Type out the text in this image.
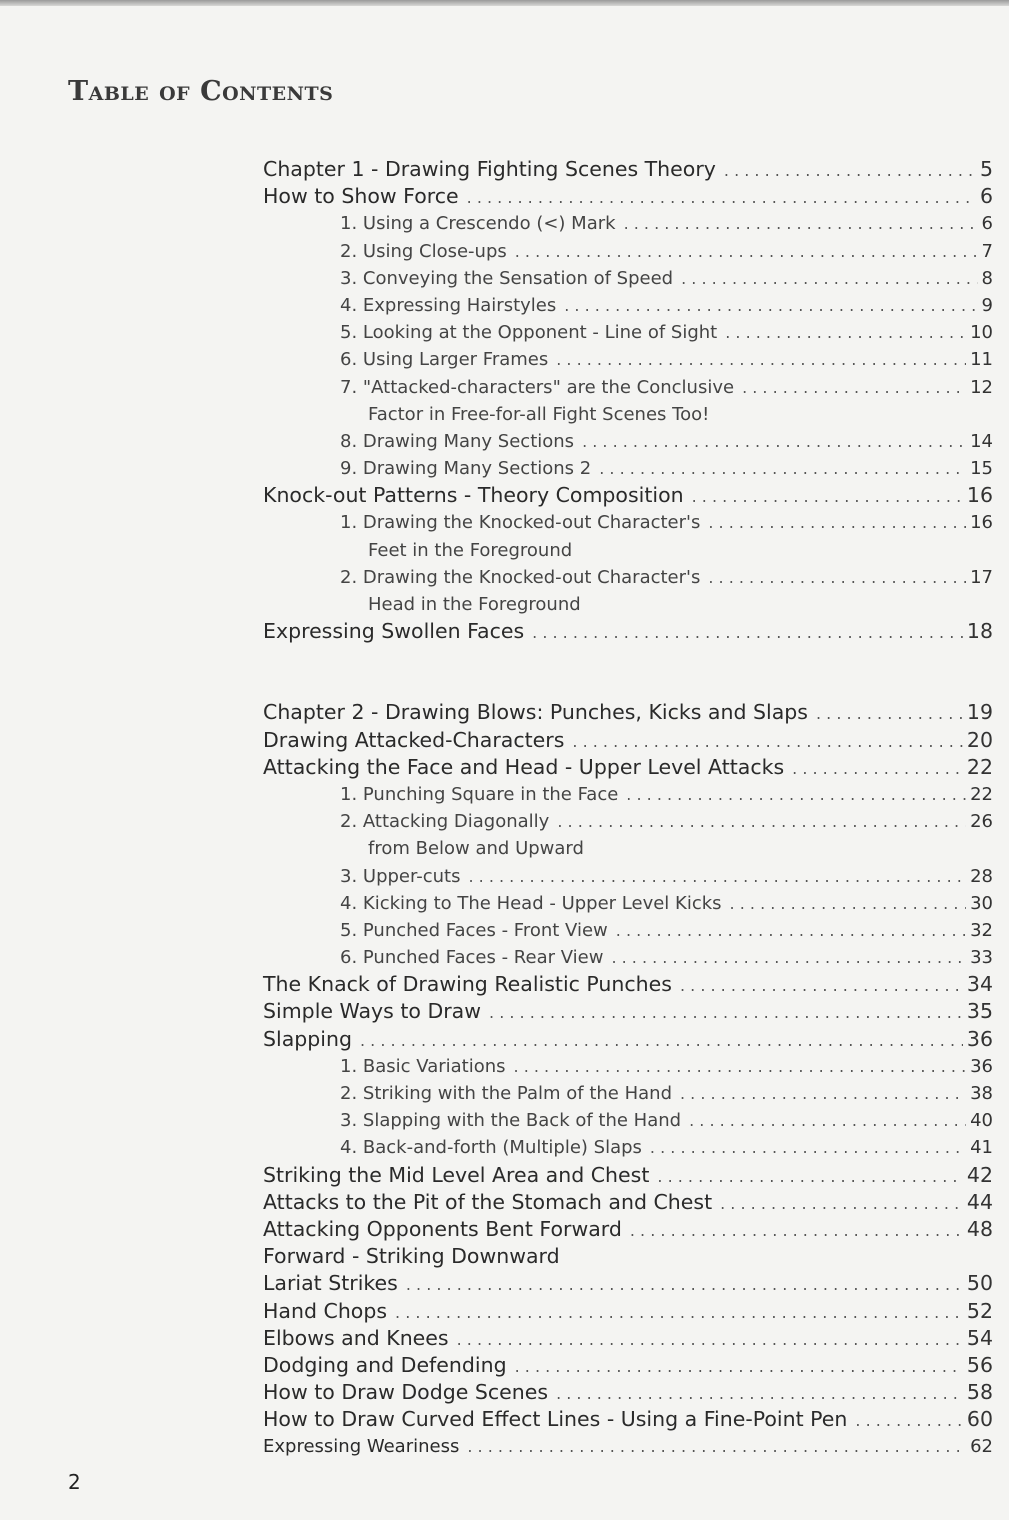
Table of Contents
Chapter 1 - Drawing Fighting Scenes Theory . . .	5
How to Show Force . . .	6
1. Using a Crescendo (<) Mark . . .	6
2. Using Close-ups . . .	7
3. Conveying the Sensation of Speed . . .	8
4. Expressing Hairstyles . . .	9
5. Looking at the Opponent - Line of Sight . . .	10
6. Using Larger Frames . . .	11
7. "Attacked-characters" are the Conclusive . . .	12
Factor in Free-for-all Fight Scenes Too!
8. Drawing Many Sections . . .	14
9. Drawing Many Sections 2 . . .	15
Knock-out Patterns - Theory Composition . . .	16
1. Drawing the Knocked-out Character's . . .	16
Feet in the Foreground
2. Drawing the Knocked-out Character's . . .	17
Head in the Foreground
Expressing Swollen Faces . . .	18
Chapter 2 - Drawing Blows: Punches, Kicks and Slaps . . .	19
Drawing Attacked-Characters . . .	20
Attacking the Face and Head - Upper Level Attacks . . .	22
1. Punching Square in the Face . . .	22
2. Attacking Diagonally . . .	26
from Below and Upward
3. Upper-cuts . . .	28
4. Kicking to The Head - Upper Level Kicks . . .	30
5. Punched Faces - Front View . . .	32
6. Punched Faces - Rear View . . .	33
The Knack of Drawing Realistic Punches . . .	34
Simple Ways to Draw . . .	35
Slapping . . .	36
1. Basic Variations . . .	36
2. Striking with the Palm of the Hand . . .	38
3. Slapping with the Back of the Hand . . .	40
4. Back-and-forth (Multiple) Slaps . . .	41
Striking the Mid Level Area and Chest . . .	42
Attacks to the Pit of the Stomach and Chest . . .	44
Attacking Opponents Bent Forward . . .	48
Forward - Striking Downward
Lariat Strikes . . .	50
Hand Chops . . .	52
Elbows and Knees . . .	54
Dodging and Defending . . .	56
How to Draw Dodge Scenes . . .	58
How to Draw Curved Effect Lines - Using a Fine-Point Pen . . .	60
Expressing Weariness . . .	62
2
